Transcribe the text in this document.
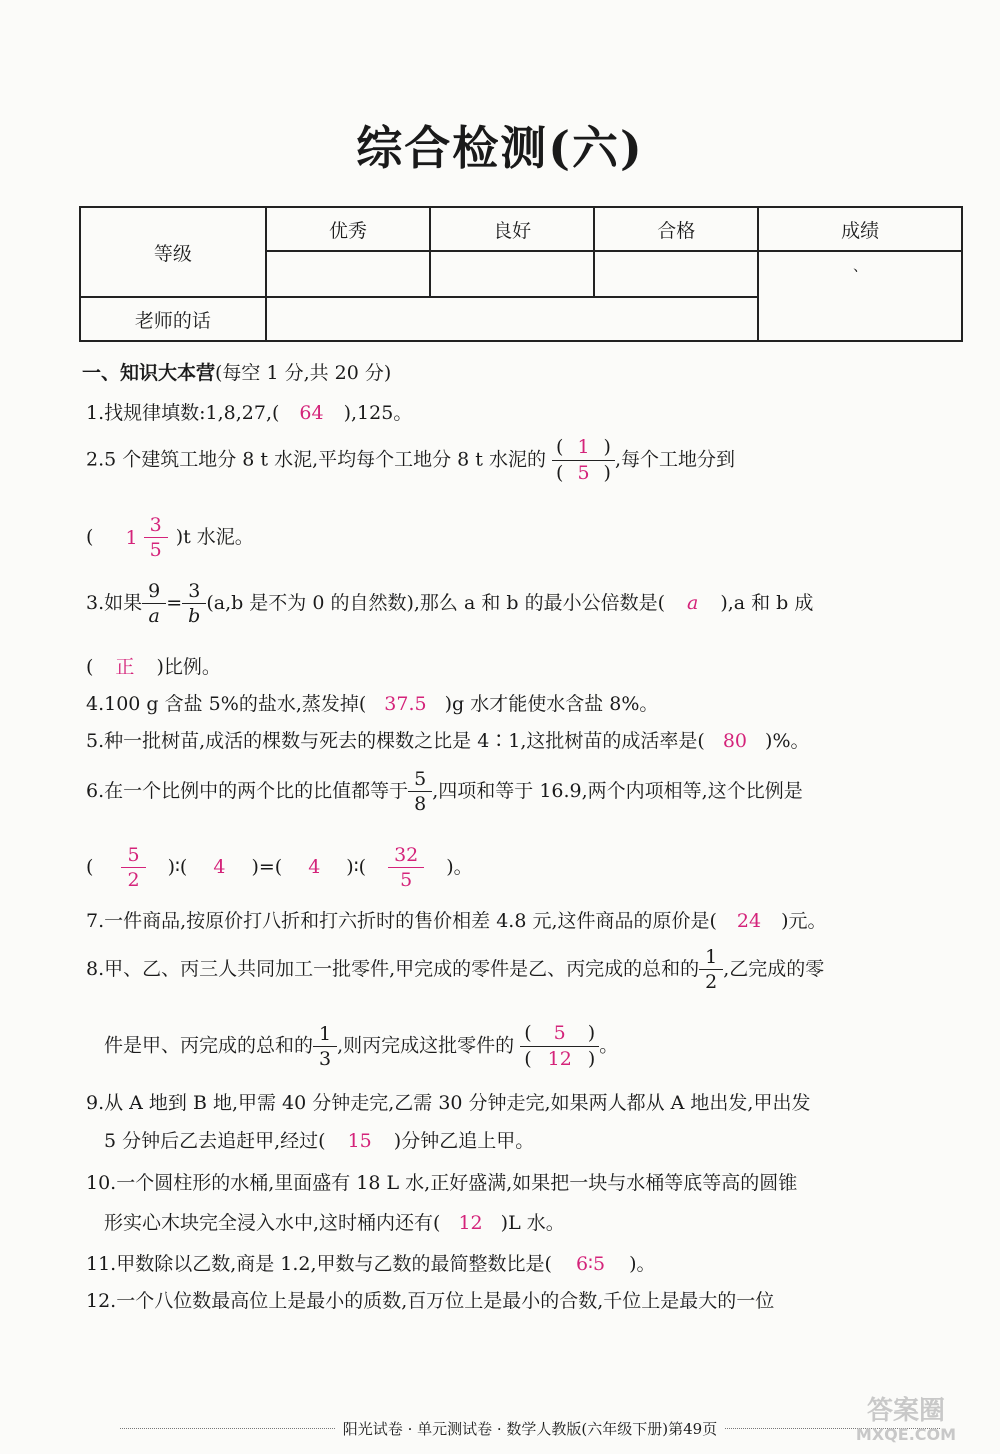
综合检测(六)
等级	优秀	良好	合格	成绩
				、
老师的话				
一、知识大本营(每空 1 分,共 20 分)
1.找规律填数:1,8,27,( 64 ),125。
2.5 个建筑工地分 8 t 水泥,平均每个工地分 8 t 水泥的 $\frac{( 1 )}{( 5 )}$ ,每个工地分到
( $1 \frac{3}{5} )t$ 水泥。
3.如果 $\frac{9}{a} = \frac{3}{b} (a,b$ 是不为 0 的自然数),那么 a 和 b 的最小公倍数是( a ),a 和 b 成
( 正 )比例。
4.100 g 含盐 5%的盐水,蒸发掉( 37.5 )g 水才能使水含盐 8%。
5.种一批树苗,成活的棵数与死去的棵数之比是 4∶1,这批树苗的成活率是( 80 )%。
6.在一个比例中的两个比的比值都等于 $\frac{5}{8}$ ,四项和等于 16.9,两个内项相等,这个比例是
( $\frac{5}{2}$ )∶( 4 )=( 4 )∶( $\frac{32}{5}$ )。
7.一件商品,按原价打八折和打六折时的售价相差 4.8 元,这件商品的原价是( 24 )元。
8.甲、乙、丙三人共同加工一批零件,甲完成的零件是乙、丙完成的总和的 $\frac{1}{2}$ ,乙完成的零
件是甲、丙完成的总和的 $\frac{1}{3}$ ,则丙完成这批零件的 $\frac{( 5 )}{( 12 )}$ 。
9.从 A 地到 B 地,甲需 40 分钟走完,乙需 30 分钟走完,如果两人都从 A 地出发,甲出发
5 分钟后乙去追赶甲,经过( 15 )分钟乙追上甲。
10.一个圆柱形的水桶,里面盛有 18 L 水,正好盛满,如果把一块与水桶等底等高的圆锥
形实心木块完全浸入水中,这时桶内还有( 12 )L 水。
11.甲数除以乙数,商是 1.2,甲数与乙数的最简整数比是( 6∶5 )。
12.一个八位数最高位上是最小的质数,百万位上是最小的合数,千位上是最大的一位
阳光试卷 · 单元测试卷 · 数学人教版(六年级下册)第49页
答案圈
MXQE.COM
